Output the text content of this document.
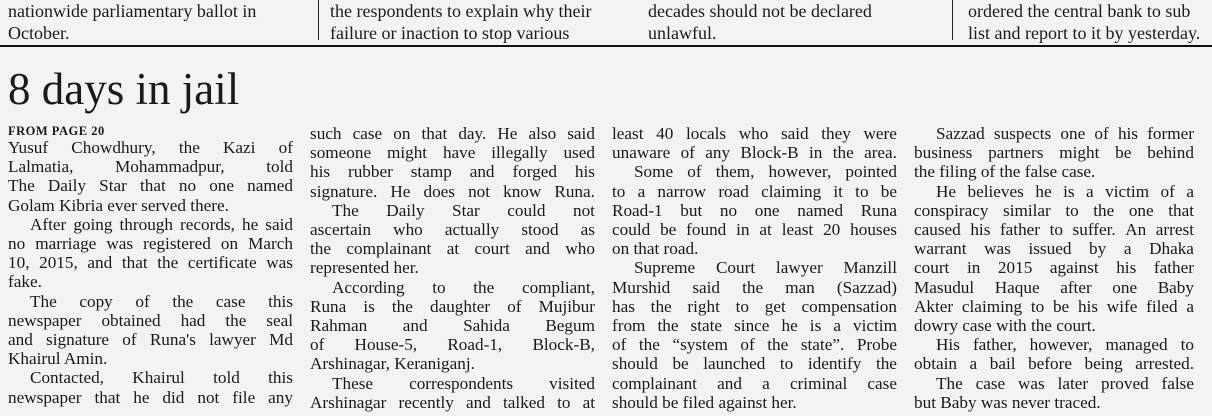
nationwide parliamentary ballot in

October.

the respondents to explain why their

failure or inaction to stop various

decades should not be declared

unlawful.

ordered the central bank to sub

list and report to it by yesterday.

8 days in jail

FROM PAGE 20

Yusuf Chowdhury, the Kazi of

Lalmatia, Mohammadpur, told

The Daily Star that no one named

Golam Kibria ever served there.

After going through records, he said

no marriage was registered on March

10, 2015, and that the certificate was

fake.

The copy of the case this

newspaper obtained had the seal

and signature of Runa's lawyer Md

Khairul Amin.

Contacted, Khairul told this

newspaper that he did not file any

such case on that day. He also said

someone might have illegally used

his rubber stamp and forged his

signature. He does not know Runa.

The Daily Star could not

ascertain who actually stood as

the complainant at court and who

represented her.

According to the compliant,

Runa is the daughter of Mujibur

Rahman and Sahida Begum

of House-5, Road-1, Block-B,

Arshinagar, Keraniganj.

These correspondents visited

Arshinagar recently and talked to at

least 40 locals who said they were

unaware of any Block-B in the area.

Some of them, however, pointed

to a narrow road claiming it to be

Road-1 but no one named Runa

could be found in at least 20 houses

on that road.

Supreme Court lawyer Manzill

Murshid said the man (Sazzad)

has the right to get compensation

from the state since he is a victim

of the “system of the state”. Probe

should be launched to identify the

complainant and a criminal case

should be filed against her.

Sazzad suspects one of his former

business partners might be behind

the filing of the false case.

He believes he is a victim of a

conspiracy similar to the one that

caused his father to suffer. An arrest

warrant was issued by a Dhaka

court in 2015 against his father

Masudul Haque after one Baby

Akter claiming to be his wife filed a

dowry case with the court.

His father, however, managed to

obtain a bail before being arrested.

The case was later proved false

but Baby was never traced.
